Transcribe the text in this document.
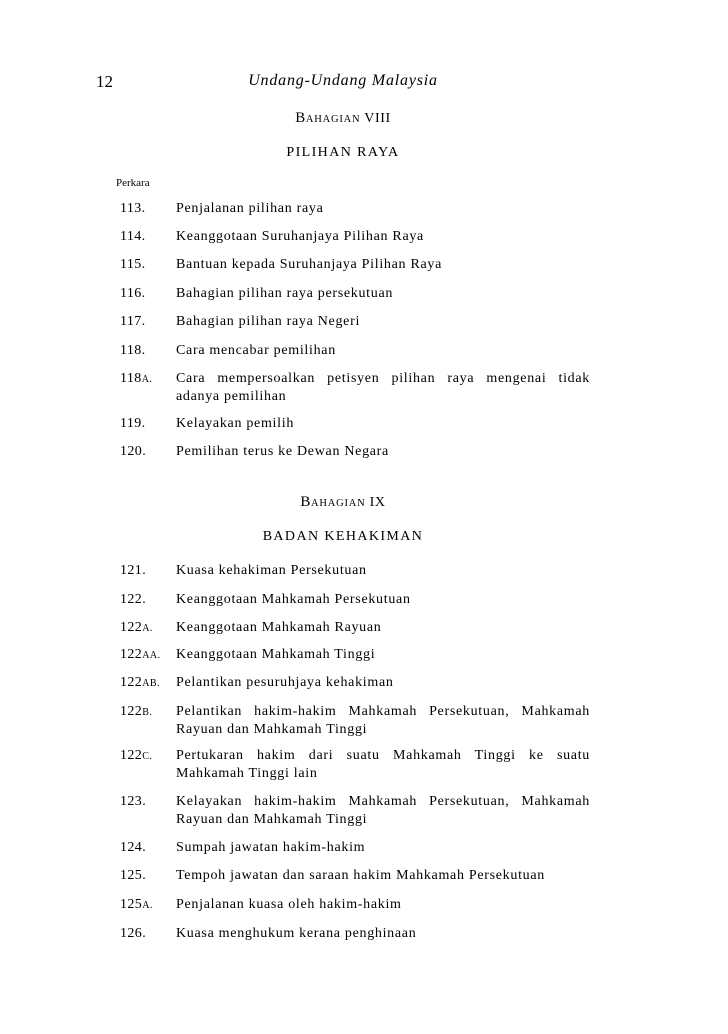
12	Undang-Undang Malaysia
BAHAGIAN VIII
PILIHAN RAYA
Perkara
113.	Penjalanan pilihan raya
114.	Keanggotaan Suruhanjaya Pilihan Raya
115.	Bantuan kepada Suruhanjaya Pilihan Raya
116.	Bahagian pilihan raya persekutuan
117.	Bahagian pilihan raya Negeri
118.	Cara mencabar pemilihan
118A.	Cara mempersoalkan petisyen pilihan raya mengenai tidak adanya pemilihan
119.	Kelayakan pemilih
120.	Pemilihan terus ke Dewan Negara
BAHAGIAN IX
BADAN KEHAKIMAN
121.	Kuasa kehakiman Persekutuan
122.	Keanggotaan Mahkamah Persekutuan
122A.	Keanggotaan Mahkamah Rayuan
122AA.	Keanggotaan Mahkamah Tinggi
122AB.	Pelantikan pesuruhjaya kehakiman
122B.	Pelantikan hakim-hakim Mahkamah Persekutuan, Mahkamah Rayuan dan Mahkamah Tinggi
122C.	Pertukaran hakim dari suatu Mahkamah Tinggi ke suatu Mahkamah Tinggi lain
123.	Kelayakan hakim-hakim Mahkamah Persekutuan, Mahkamah Rayuan dan Mahkamah Tinggi
124.	Sumpah jawatan hakim-hakim
125.	Tempoh jawatan dan saraan hakim Mahkamah Persekutuan
125A.	Penjalanan kuasa oleh hakim-hakim
126.	Kuasa menghukum kerana penghinaan
